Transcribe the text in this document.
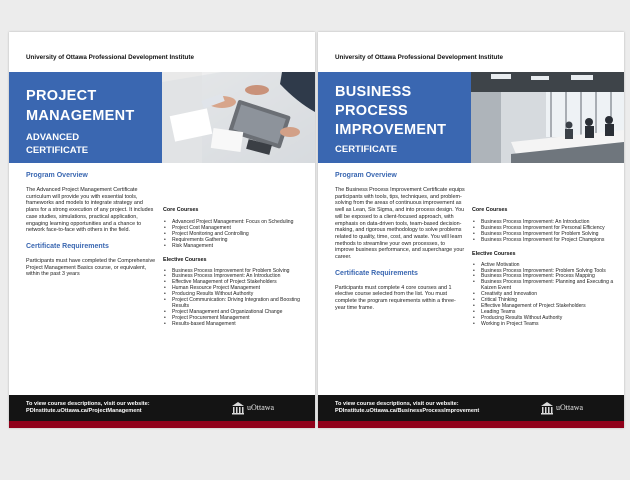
University of Ottawa Professional Development Institute
PROJECT
MANAGEMENT
ADVANCED
CERTIFICATE
Program Overview

The Advanced Project Management Certificate curriculum will provide you with essential tools, frameworks and models to integrate strategy and plans for a strong execution of any project. It includes case studies, simulations, practical application, engaging learning opportunities and a chance to network face-to-face with others in the field.

Certificate Requirements

Participants must have completed the Comprehensive Project Management Basics course, or equivalent, within the past 3 years

Core Courses
• Advanced Project Management: Focus on Scheduling
• Project Cost Management
• Project Monitoring and Controlling
• Requirements Gathering
• Risk Management
Elective Courses
• Business Process Improvement for Problem Solving
• Business Process Improvement: An Introduction
• Effective Management of Project Stakeholders
• Human Resource Project Management
• Producing Results Without Authority
• Project Communication: Driving Integration and Boosting Results
• Project Management and Organizational Change
• Project Procurement Management
• Results-based Management
To view course descriptions, visit our website:
PDInstitute.uOttawa.ca/ProjectManagement	uOttawa
University of Ottawa Professional Development Institute
BUSINESS
PROCESS
IMPROVEMENT
CERTIFICATE
Program Overview

The Business Process Improvement Certificate equips participants with tools, tips, techniques, and problem-solving from the areas of continuous improvement as well as Lean, Six Sigma, and into process design. You will be exposed to a client-focused approach, with emphasis on data-driven tools, team-based decision-making, and rigorous methodology to solve problems related to quality, time, cost, and waste. You will learn methods to streamline your own processes, to improve business performance, and supercharge your career.

Certificate Requirements

Participants must complete 4 core courses and 1 elective course selected from the list. You must complete the program requirements within a three-year time frame.

Core Courses
• Business Process Improvement: An Introduction
• Business Process Improvement for Personal Efficiency
• Business Process Improvement for Problem Solving
• Business Process Improvement for Project Champions
Elective Courses
• Active Motivation
• Business Process Improvement: Problem Solving Tools
• Business Process Improvement: Process Mapping
• Business Process Improvement: Planning and Executing a Kaizen Event
• Creativity and Innovation
• Critical Thinking
• Effective Management of Project Stakeholders
• Leading Teams
• Producing Results Without Authority
• Working in Project Teams
To view course descriptions, visit our website:
PDInstitute.uOttawa.ca/BusinessProcessImprovement	uOttawa
